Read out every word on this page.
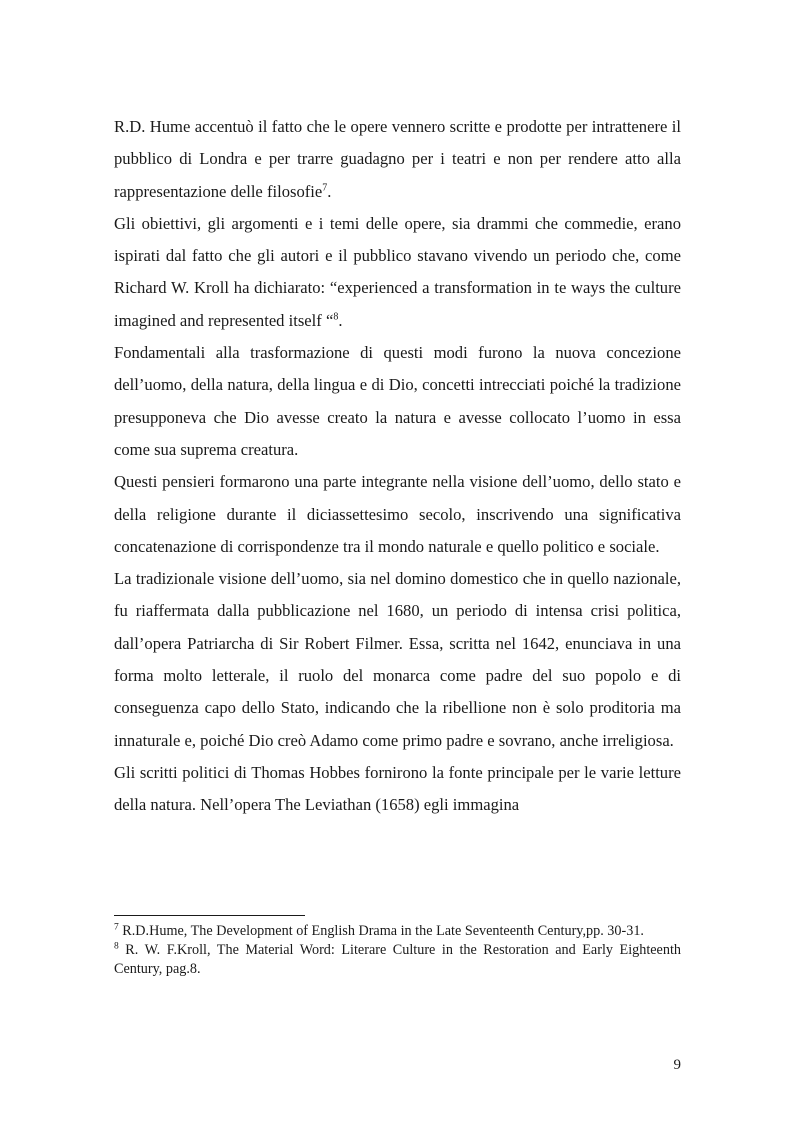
R.D. Hume accentuò il fatto che le opere vennero scritte e prodotte per intrattenere il pubblico di Londra e per trarre guadagno per i teatri e non per rendere atto alla rappresentazione delle filosofie$^7$.

Gli obiettivi, gli argomenti e i temi delle opere, sia drammi che commedie, erano ispirati dal fatto che gli autori e il pubblico stavano vivendo un periodo che, come Richard W. Kroll ha dichiarato: “experienced a transformation in te ways the culture imagined and represented itself “$^8$.

Fondamentali alla trasformazione di questi modi furono la nuova concezione dell’uomo, della natura, della lingua e di Dio, concetti intrecciati poiché la tradizione presupponeva che Dio avesse creato la natura e avesse collocato l’uomo in essa come sua suprema creatura.

Questi pensieri formarono una parte integrante nella visione dell’uomo, dello stato e della religione durante il diciassettesimo secolo, inscrivendo una significativa concatenazione di corrispondenze tra il mondo naturale e quello politico e sociale.

La tradizionale visione dell’uomo, sia nel domino domestico che in quello nazionale, fu riaffermata dalla pubblicazione nel 1680, un periodo di intensa crisi politica, dall’opera Patriarcha di Sir Robert Filmer. Essa, scritta nel 1642, enunciava in una forma molto letterale, il ruolo del monarca come padre del suo popolo e di conseguenza capo dello Stato, indicando che la ribellione non è solo proditoria ma innaturale e, poiché Dio creò Adamo come primo padre e sovrano, anche irreligiosa.

Gli scritti politici di Thomas Hobbes fornirono la fonte principale per le varie letture della natura. Nell’opera The Leviathan (1658) egli immagina

$^7$ R.D.Hume, The Development of English Drama in the Late Seventeenth Century,pp. 30-31.

$^8$ R. W. F.Kroll, The Material Word: Literare Culture in the Restoration and Early Eighteenth Century, pag.8.

9
